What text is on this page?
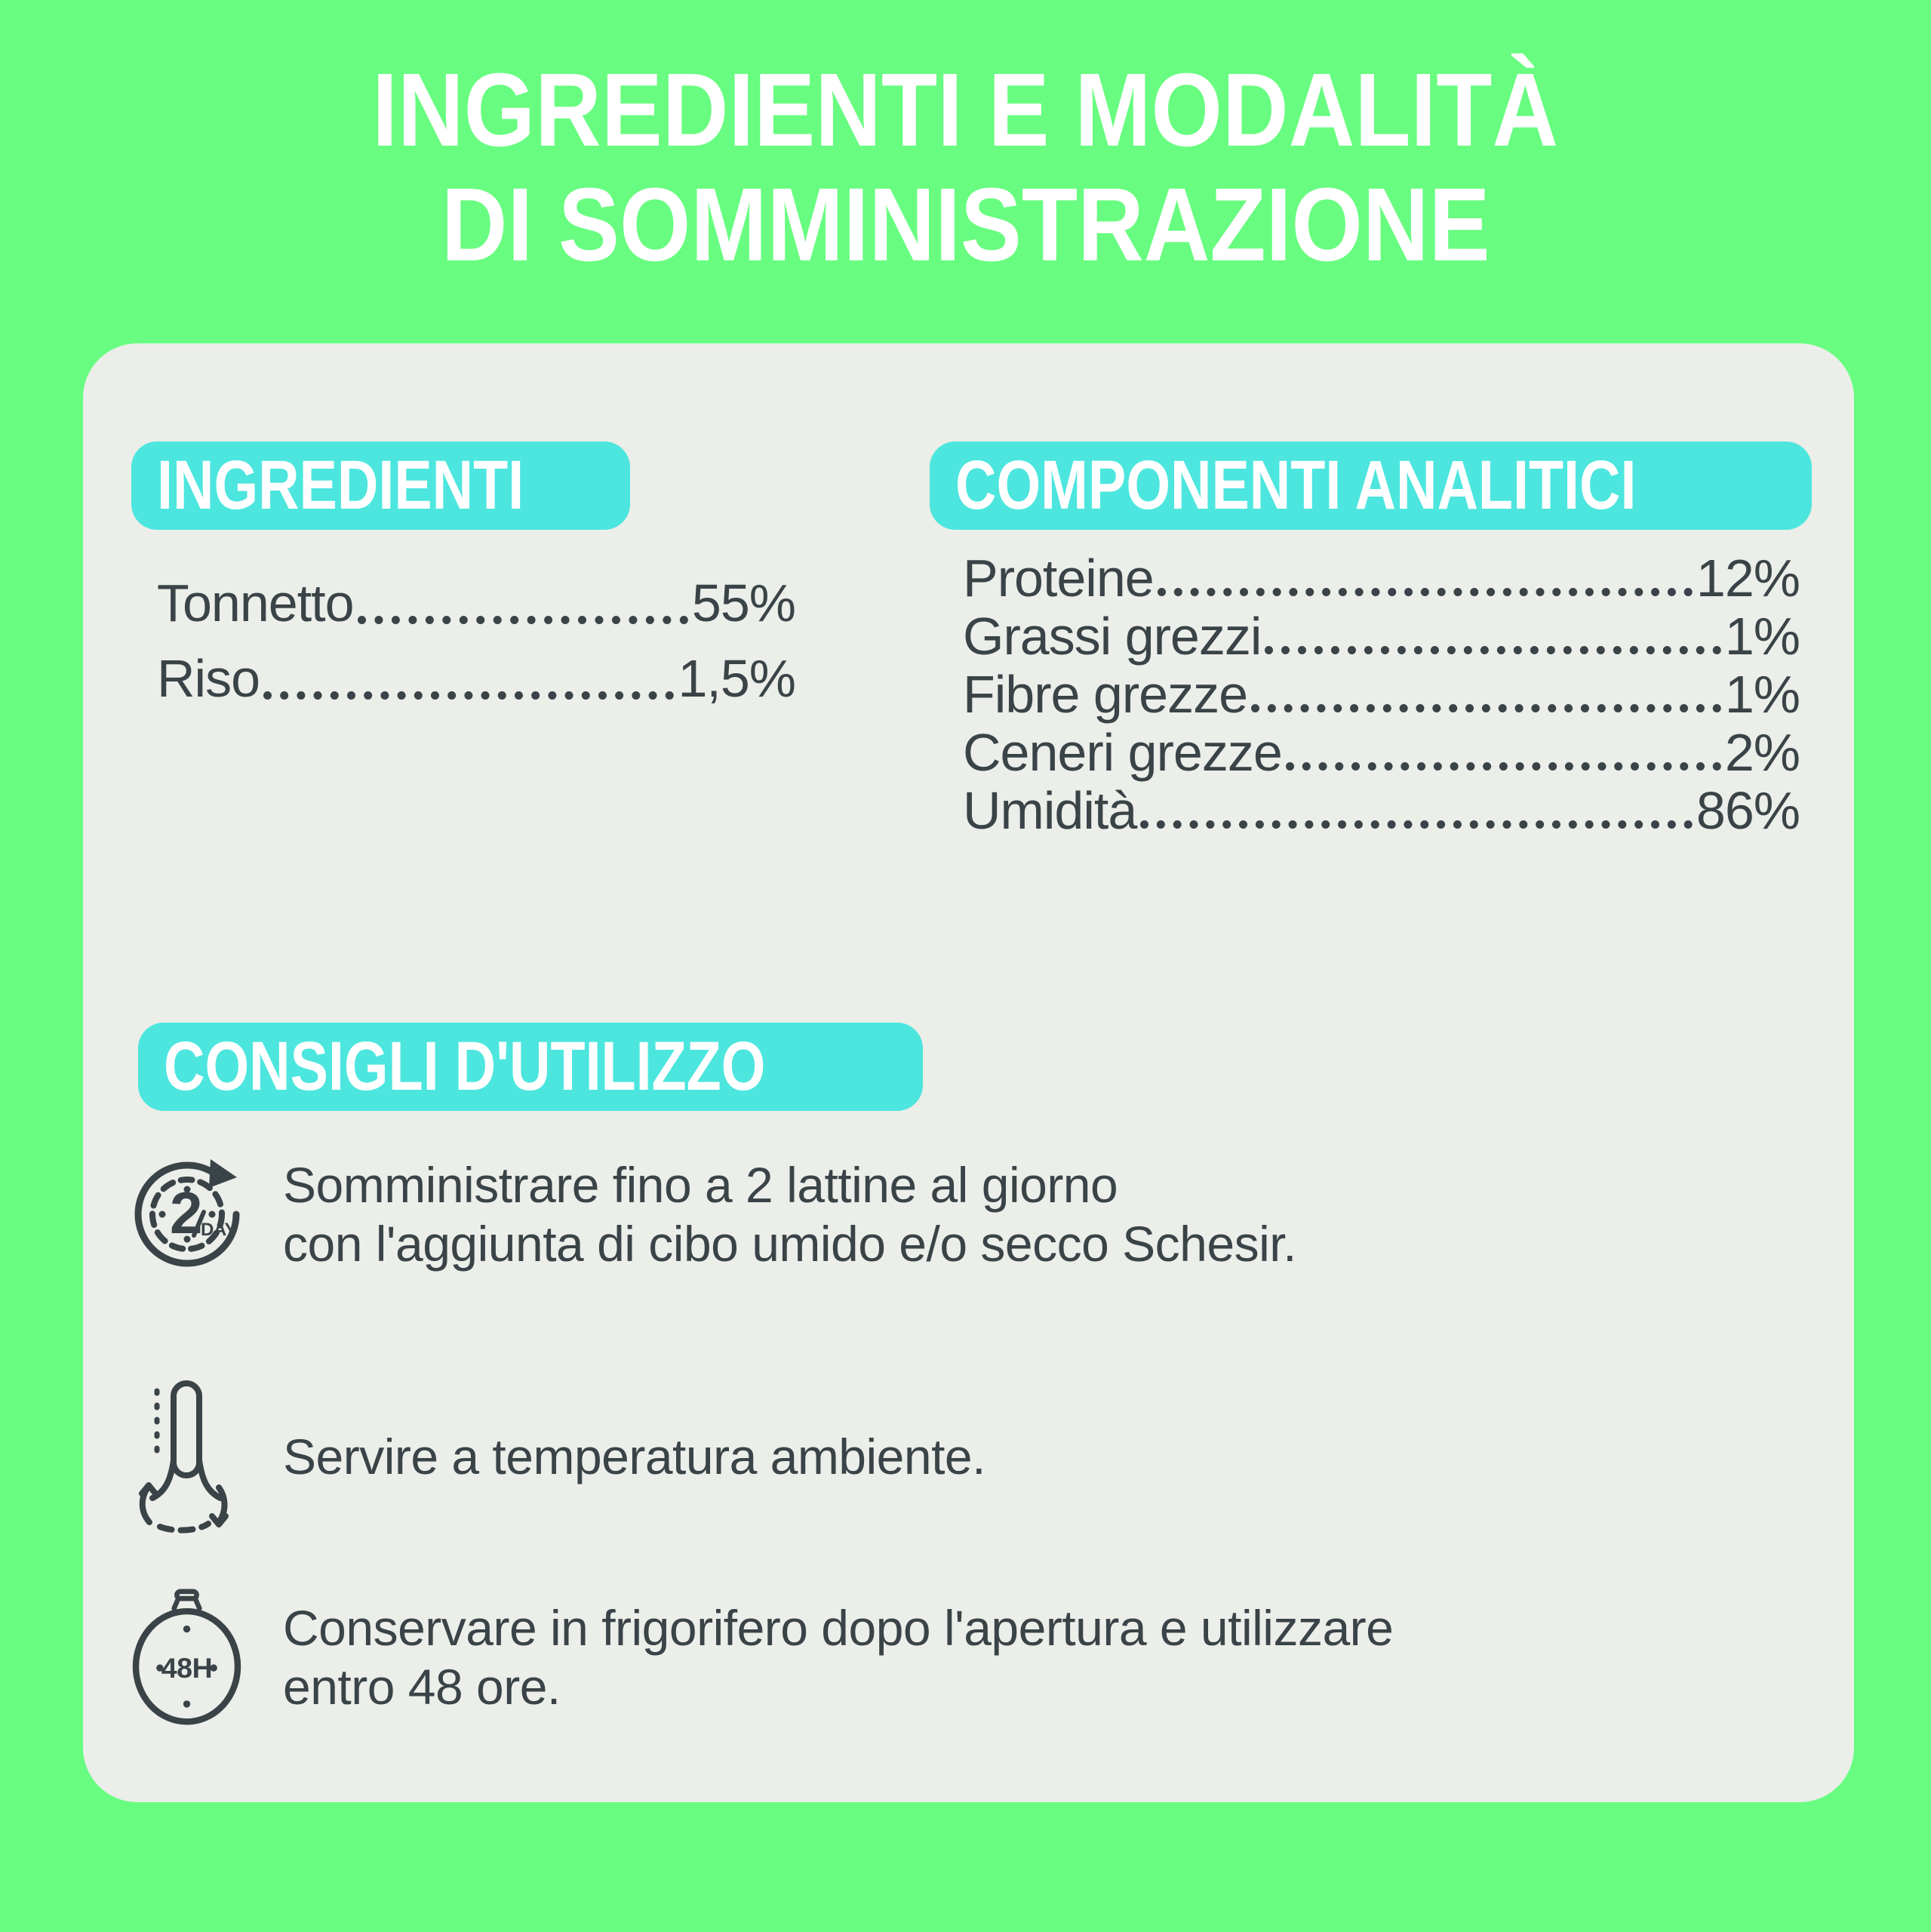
INGREDIENTI E MODALITÀ
DI SOMMINISTRAZIONE
INGREDIENTI
Tonnetto	55%
Riso	1,5%
COMPONENTI ANALITICI
Proteine	12%
Grassi grezzi	1%
Fibre grezze	1%
Ceneri grezze	2%
Umidità	86%
CONSIGLI D'UTILIZZO
2
DAY
Somministrare fino a 2 lattine al giorno
con l'aggiunta di cibo umido e/o secco Schesir.
Servire a temperatura ambiente.
48H
Conservare in frigorifero dopo l'apertura e utilizzare
entro 48 ore.
